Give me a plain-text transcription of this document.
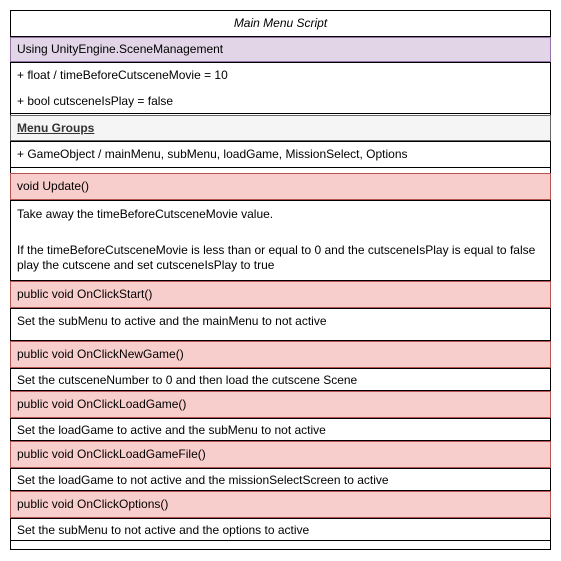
Main Menu Script
Using UnityEngine.SceneManagement
+ float / timeBeforeCutsceneMovie = 10
+ bool cutsceneIsPlay = false
Menu Groups
+ GameObject / mainMenu, subMenu, loadGame, MissionSelect, Options
void Update()
Take away the timeBeforeCutsceneMovie value.
If the timeBeforeCutsceneMovie is less than or equal to 0 and the cutsceneIsPlay is equal to false
play the cutscene and set cutsceneIsPlay to true
public void OnClickStart()
Set the subMenu to active and the mainMenu to not active
public void OnClickNewGame()
Set the cutsceneNumber to 0 and then load the cutscene Scene
public void OnClickLoadGame()
Set the loadGame to active and the subMenu to not active
public void OnClickLoadGameFile()
Set the loadGame to not active and the missionSelectScreen to active
public void OnClickOptions()
Set the subMenu to not active and the options to active
